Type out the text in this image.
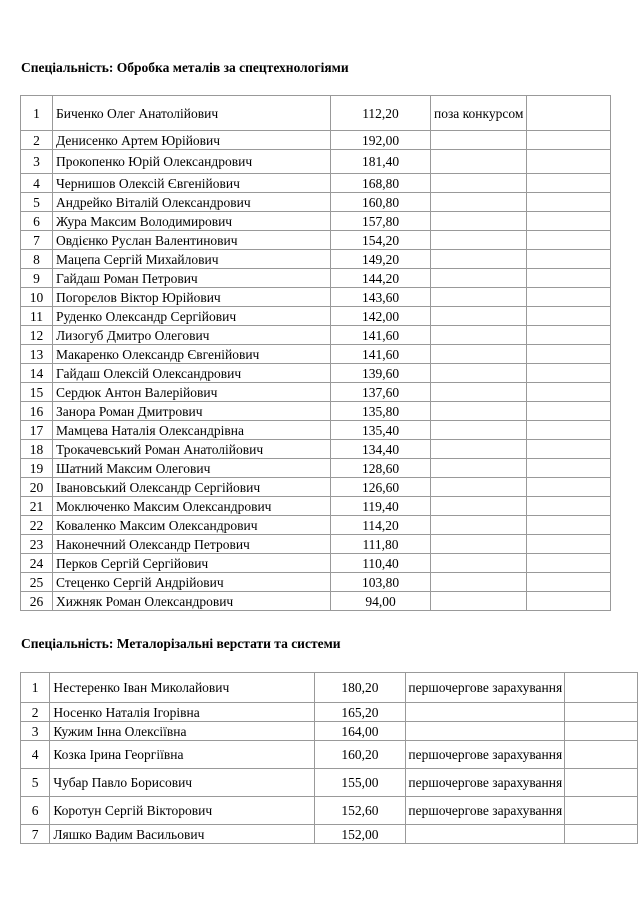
Спеціальність: Обробка металів за спецтехнологіями
1	Биченко Олег Анатолійович	112,20	поза конкурсом	
2	Денисенко Артем Юрійович	192,00		
3	Прокопенко Юрій Олександрович	181,40		
4	Чернишов Олексій Євгенійович	168,80		
5	Андрейко Віталій Олександрович	160,80		
6	Жура Максим Володимирович	157,80		
7	Овдієнко Руслан Валентинович	154,20		
8	Мацепа Сергій Михайлович	149,20		
9	Гайдаш Роман Петрович	144,20		
10	Погорєлов Віктор Юрійович	143,60		
11	Руденко Олександр Сергійович	142,00		
12	Лизогуб Дмитро Олегович	141,60		
13	Макаренко Олександр Євгенійович	141,60		
14	Гайдаш Олексій Олександрович	139,60		
15	Сердюк Антон Валерійович	137,60		
16	Занора Роман Дмитрович	135,80		
17	Мамцева Наталія Олександрівна	135,40		
18	Трокачевський Роман Анатолійович	134,40		
19	Шатний Максим Олегович	128,60		
20	Івановський Олександр Сергійович	126,60		
21	Моключенко Максим Олександрович	119,40		
22	Коваленко Максим Олександрович	114,20		
23	Наконечний Олександр Петрович	111,80		
24	Перков Сергій Сергійович	110,40		
25	Стеценко Сергій Андрійович	103,80		
26	Хижняк Роман Олександрович	94,00		
Спеціальність: Металорізальні верстати та системи
1	Нестеренко Іван Миколайович	180,20	першочергове зарахування	
2	Носенко Наталія Ігорівна	165,20		
3	Кужим Інна Олексіївна	164,00		
4	Козка Ірина Георгіївна	160,20	першочергове зарахування	
5	Чубар Павло Борисович	155,00	першочергове зарахування	
6	Коротун Сергій Вікторович	152,60	першочергове зарахування	
7	Ляшко Вадим Васильович	152,00		
